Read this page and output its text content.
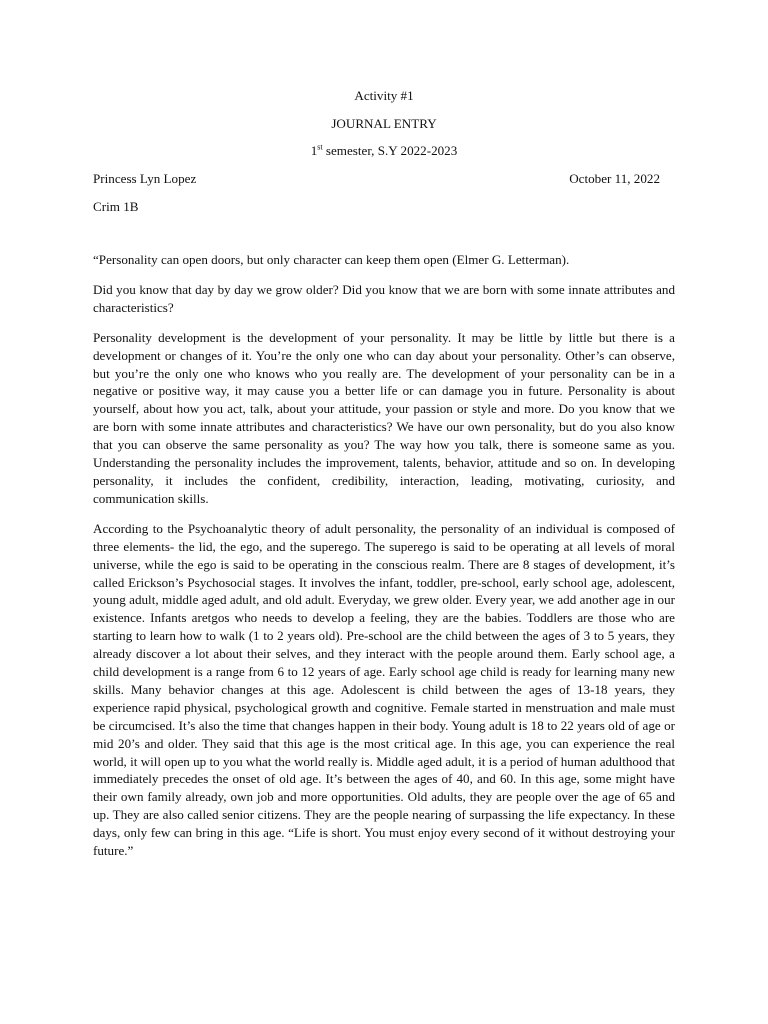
Activity #1

JOURNAL ENTRY

1st semester, S.Y 2022-2023

Princess Lyn Lopez	October 11, 2022

Crim 1B

“Personality can open doors, but only character can keep them open (Elmer G. Letterman).

Did you know that day by day we grow older? Did you know that we are born with some innate attributes and characteristics?

Personality development is the development of your personality. It may be little by little but there is a development or changes of it. You’re the only one who can day about your personality. Other’s can observe, but you’re the only one who knows who you really are. The development of your personality can be in a negative or positive way, it may cause you a better life or can damage you in future. Personality is about yourself, about how you act, talk, about your attitude, your passion or style and more. Do you know that we are born with some innate attributes and characteristics? We have our own personality, but do you also know that you can observe the same personality as you? The way how you talk, there is someone same as you. Understanding the personality includes the improvement, talents, behavior, attitude and so on. In developing personality, it includes the confident, credibility, interaction, leading, motivating, curiosity, and communication skills.

According to the Psychoanalytic theory of adult personality, the personality of an individual is composed of three elements- the lid, the ego, and the superego. The superego is said to be operating at all levels of moral universe, while the ego is said to be operating in the conscious realm. There are 8 stages of development, it’s called Erickson’s Psychosocial stages. It involves the infant, toddler, pre-school, early school age, adolescent, young adult, middle aged adult, and old adult. Everyday, we grew older. Every year, we add another age in our existence. Infants aretgos who needs to develop a feeling, they are the babies. Toddlers are those who are starting to learn how to walk (1 to 2 years old). Pre-school are the child between the ages of 3 to 5 years, they already discover a lot about their selves, and they interact with the people around them. Early school age, a child development is a range from 6 to 12 years of age. Early school age child is ready for learning many new skills. Many behavior changes at this age. Adolescent is child between the ages of 13-18 years, they experience rapid physical, psychological growth and cognitive. Female started in menstruation and male must be circumcised. It’s also the time that changes happen in their body. Young adult is 18 to 22 years old of age or mid 20’s and older. They said that this age is the most critical age. In this age, you can experience the real world, it will open up to you what the world really is. Middle aged adult, it is a period of human adulthood that immediately precedes the onset of old age. It’s between the ages of 40, and 60. In this age, some might have their own family already, own job and more opportunities. Old adults, they are people over the age of 65 and up. They are also called senior citizens. They are the people nearing of surpassing the life expectancy. In these days, only few can bring in this age. “Life is short. You must enjoy every second of it without destroying your future.”
